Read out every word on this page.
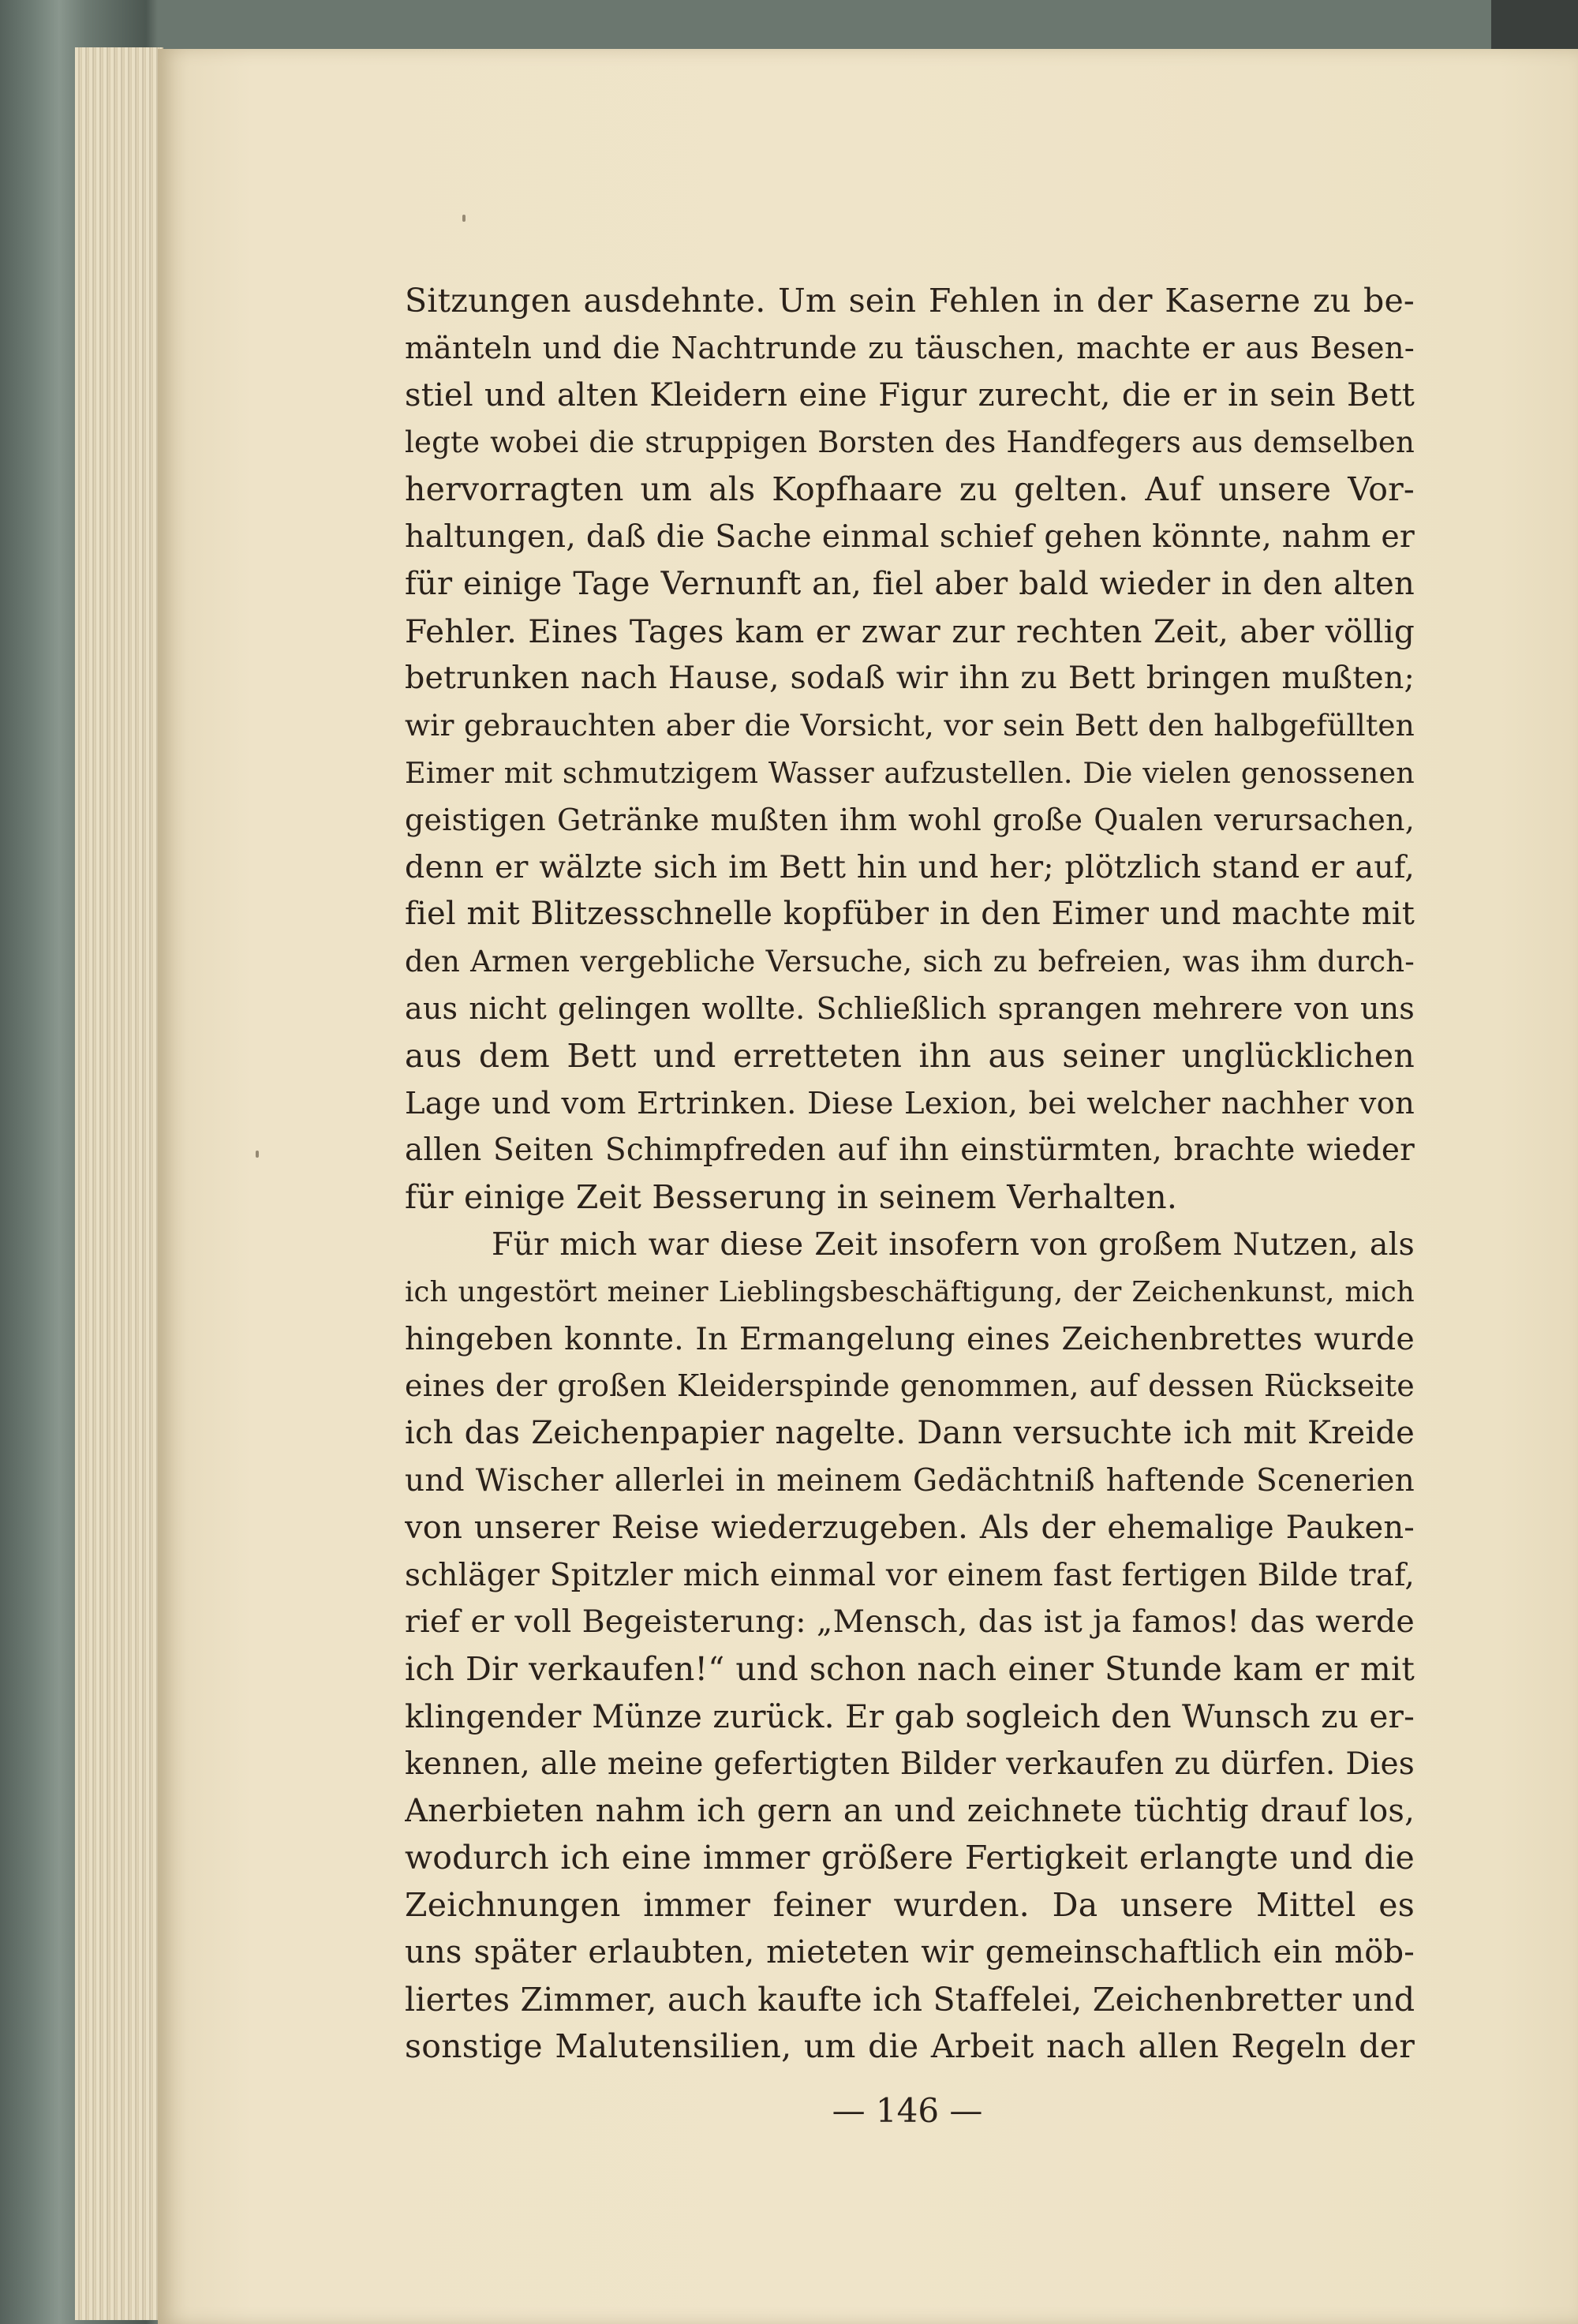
Sitzungen ausdehnte. Um sein Fehlen in der Kaserne zu be-
mänteln und die Nachtrunde zu täuschen, machte er aus Besen-
stiel und alten Kleidern eine Figur zurecht, die er in sein Bett
legte wobei die struppigen Borsten des Handfegers aus demselben
hervorragten um als Kopfhaare zu gelten. Auf unsere Vor-
haltungen, daß die Sache einmal schief gehen könnte, nahm er
für einige Tage Vernunft an, fiel aber bald wieder in den alten
Fehler. Eines Tages kam er zwar zur rechten Zeit, aber völlig
betrunken nach Hause, sodaß wir ihn zu Bett bringen mußten;
wir gebrauchten aber die Vorsicht, vor sein Bett den halbgefüllten
Eimer mit schmutzigem Wasser aufzustellen. Die vielen genossenen
geistigen Getränke mußten ihm wohl große Qualen verursachen,
denn er wälzte sich im Bett hin und her; plötzlich stand er auf,
fiel mit Blitzesschnelle kopfüber in den Eimer und machte mit
den Armen vergebliche Versuche, sich zu befreien, was ihm durch-
aus nicht gelingen wollte. Schließlich sprangen mehrere von uns
aus dem Bett und erretteten ihn aus seiner unglücklichen
Lage und vom Ertrinken. Diese Lexion, bei welcher nachher von
allen Seiten Schimpfreden auf ihn einstürmten, brachte wieder
für einige Zeit Besserung in seinem Verhalten.
Für mich war diese Zeit insofern von großem Nutzen, als
ich ungestört meiner Lieblingsbeschäftigung, der Zeichenkunst, mich
hingeben konnte. In Ermangelung eines Zeichenbrettes wurde
eines der großen Kleiderspinde genommen, auf dessen Rückseite
ich das Zeichenpapier nagelte. Dann versuchte ich mit Kreide
und Wischer allerlei in meinem Gedächtniß haftende Scenerien
von unserer Reise wiederzugeben. Als der ehemalige Pauken-
schläger Spitzler mich einmal vor einem fast fertigen Bilde traf,
rief er voll Begeisterung: „Mensch, das ist ja famos! das werde
ich Dir verkaufen!“ und schon nach einer Stunde kam er mit
klingender Münze zurück. Er gab sogleich den Wunsch zu er-
kennen, alle meine gefertigten Bilder verkaufen zu dürfen. Dies
Anerbieten nahm ich gern an und zeichnete tüchtig drauf los,
wodurch ich eine immer größere Fertigkeit erlangte und die
Zeichnungen immer feiner wurden. Da unsere Mittel es
uns später erlaubten, mieteten wir gemeinschaftlich ein möb-
liertes Zimmer, auch kaufte ich Staffelei, Zeichenbretter und
sonstige Malutensilien, um die Arbeit nach allen Regeln der
— 146 —
